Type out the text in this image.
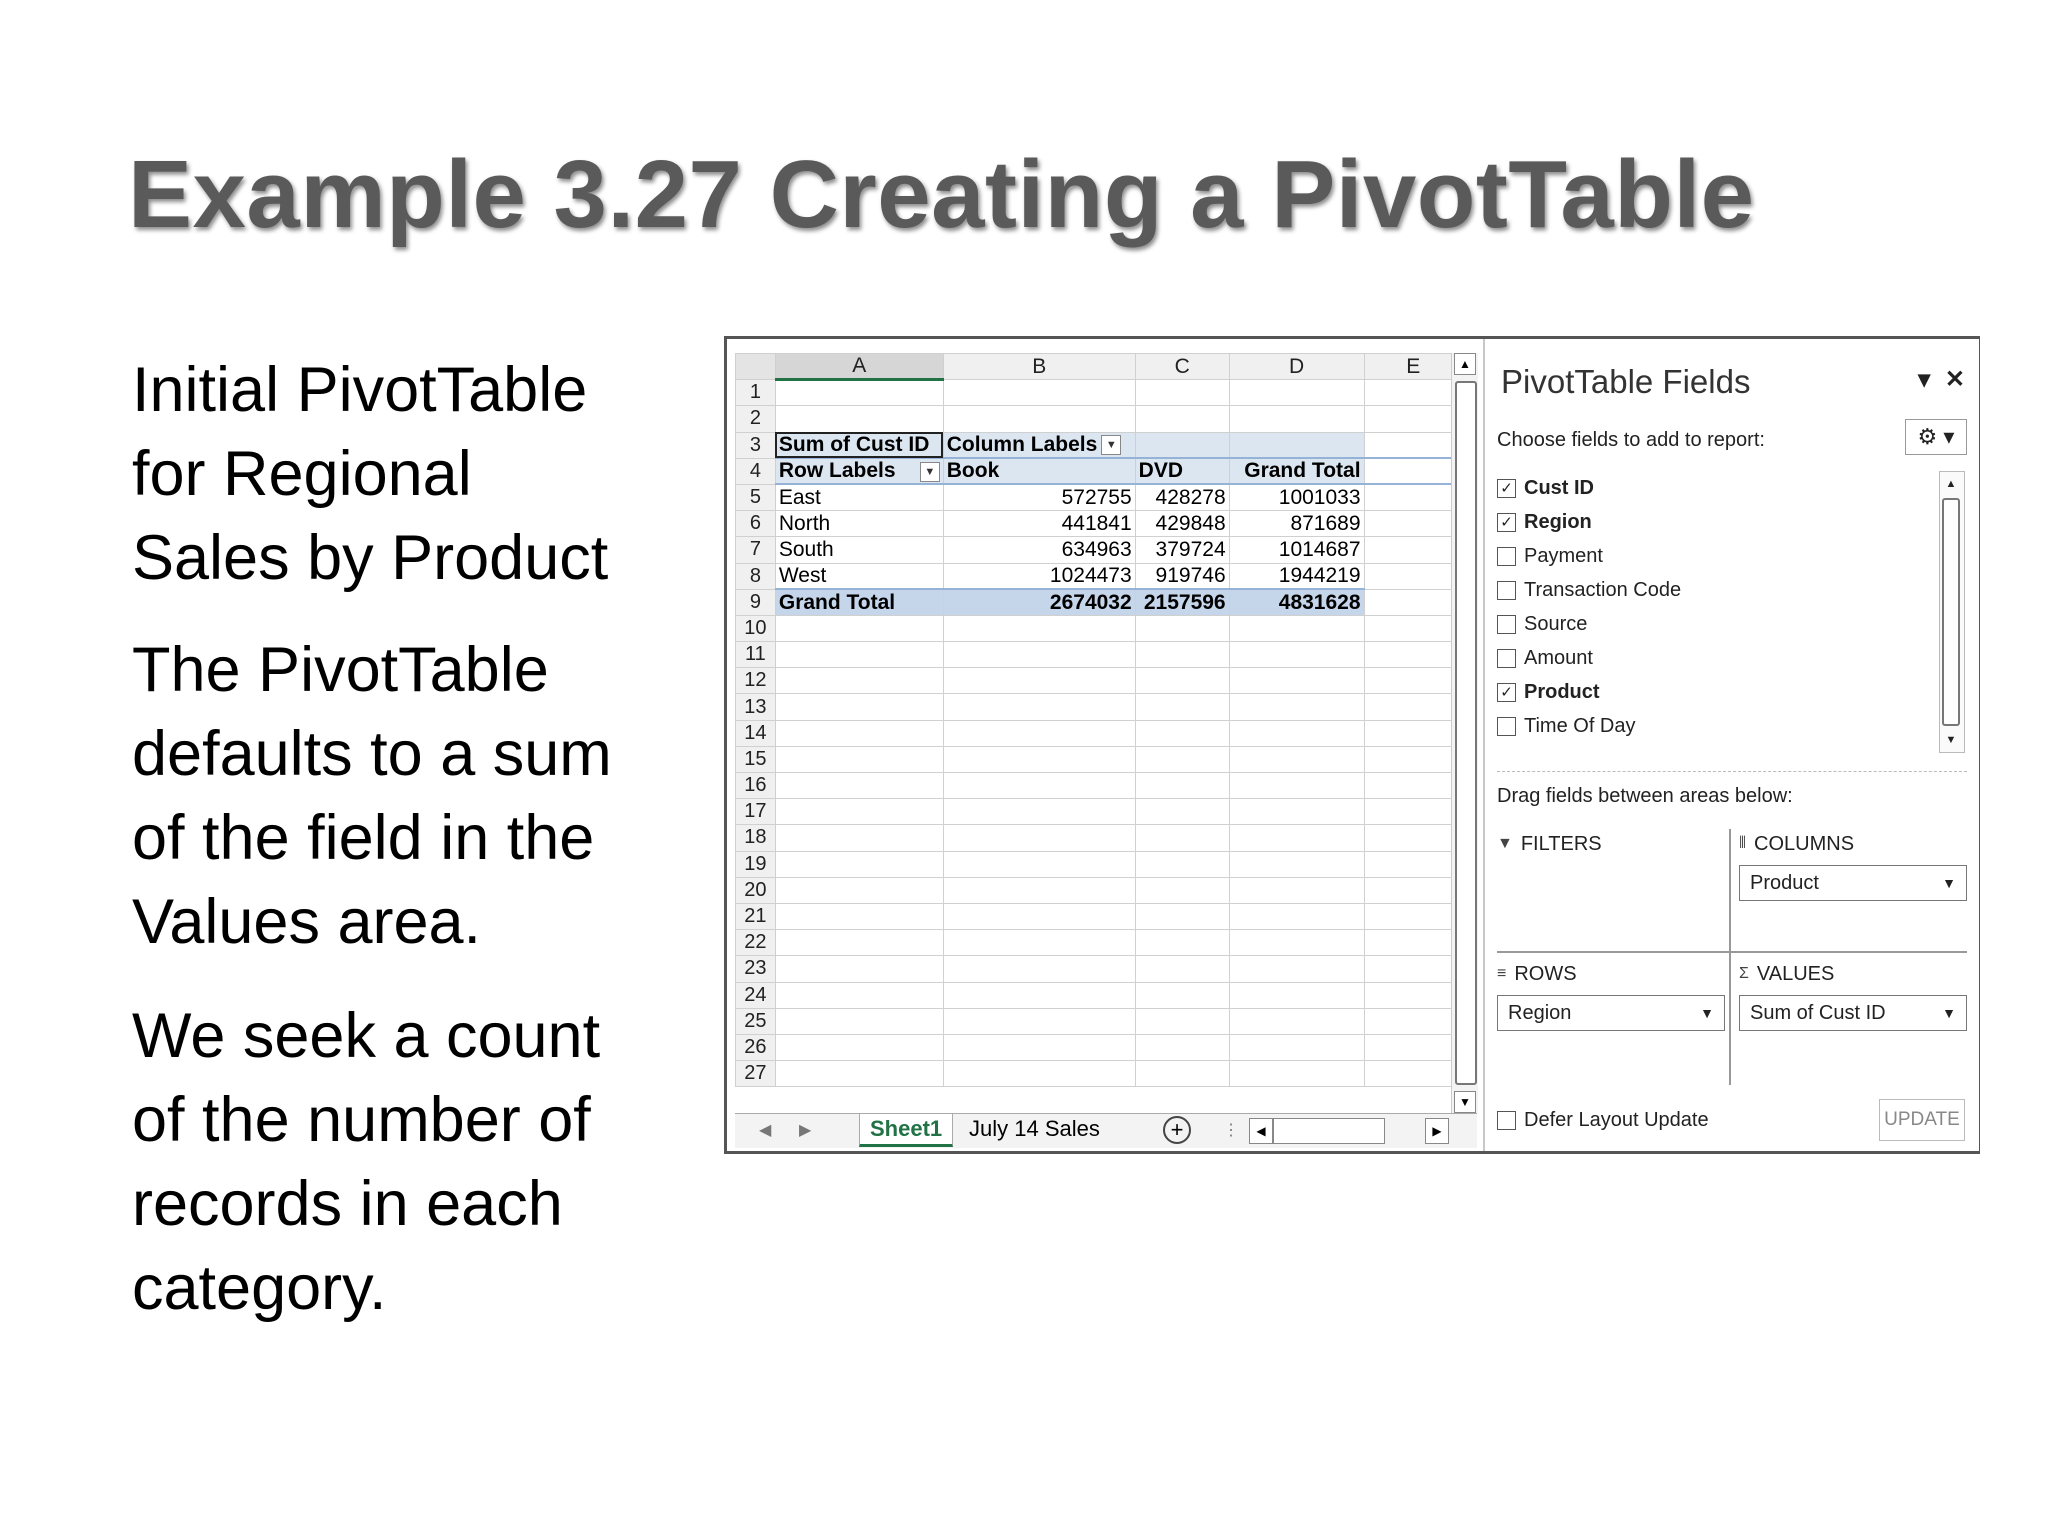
Example 3.27 Creating a PivotTable
Initial PivotTable
for Regional
Sales by Product
The PivotTable
defaults to a sum
of the field in the
Values area.
We seek a count
of the number of
records in each
category.
	A	B	C	D	E
1					
2					
3	Sum of Cust ID	Column Labels ▼			
4	Row Labels ▼	Book	DVD	Grand Total	
5	East	572755	428278	1001033	
6	North	441841	429848	871689	
7	South	634963	379724	1014687	
8	West	1024473	919746	1944219	
9	Grand Total	2674032	2157596	4831628	
10					
11					
12					
13					
14					
15					
16					
17					
18					
19					
20					
21					
22					
23					
24					
25					
26					
27					
▲
▼
◀ ▶	Sheet1	July 14 Sales	+	⋮	◀	▶
PivotTable Fields	▾ ✕
Choose fields to add to report:	⚙ ▾
✓ Cust ID
✓ Region
Payment
Transaction Code
Source
Amount
✓ Product
Time Of Day
▲
▼
Drag fields between areas below:
▼ FILTERS	⦀ COLUMNS
Product	▼
≡ ROWS
Region	▼
Σ VALUES
Sum of Cust ID	▼
Defer Layout Update	UPDATE
